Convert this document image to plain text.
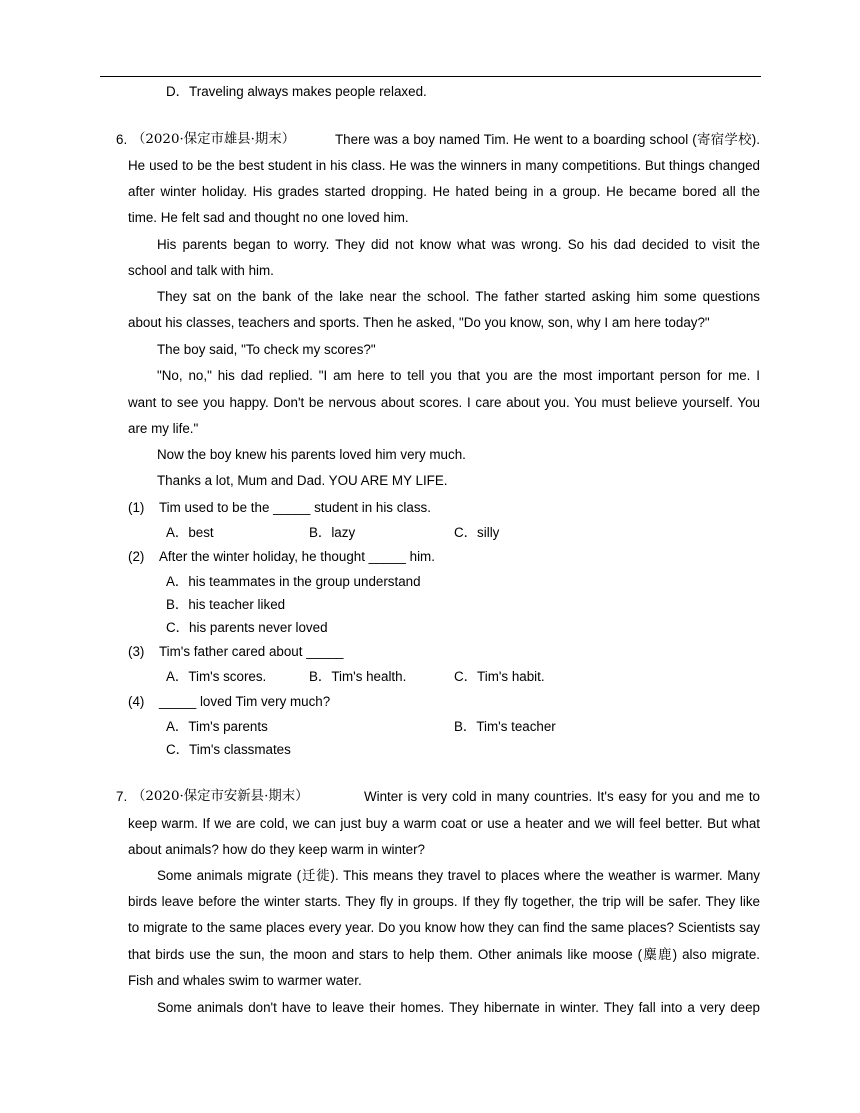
D．Traveling always makes people relaxed.
6. （2020·保定市雄县·期末）	There was a boy named Tim. He went to a boarding school (寄宿学校).
He used to be the best student in his class. He was the winners in many competitions. But things changed
after winter holiday. His grades started dropping. He hated being in a group. He became bored all the
time. He felt sad and thought no one loved him.
His parents began to worry. They did not know what was wrong. So his dad decided to visit the
school and talk with him.
They sat on the bank of the lake near the school. The father started asking him some questions
about his classes, teachers and sports. Then he asked, "Do you know, son, why I am here today?"
The boy said, "To check my scores?"
"No, no," his dad replied. "I am here to tell you that you are the most important person for me. I
want to see you happy. Don't be nervous about scores. I care about you. You must believe yourself. You
are my life."
Now the boy knew his parents loved him very much.
Thanks a lot, Mum and Dad. YOU ARE MY LIFE.
(1) Tim used to be the _____ student in his class.
A．best	B．lazy	C．silly
(2) After the winter holiday, he thought _____ him.
A．his teammates in the group understand
B．his teacher liked
C．his parents never loved
(3) Tim's father cared about _____
A．Tim's scores.	B．Tim's health.	C．Tim's habit.
(4) _____ loved Tim very much?
A．Tim's parents	B．Tim's teacher
C．Tim's classmates
7. （2020·保定市安新县·期末）	Winter is very cold in many countries. It's easy for you and me to
keep warm. If we are cold, we can just buy a warm coat or use a heater and we will feel better. But what
about animals? how do they keep warm in winter?
Some animals migrate (迁徙). This means they travel to places where the weather is warmer. Many
birds leave before the winter starts. They fly in groups. If they fly together, the trip will be safer. They like
to migrate to the same places every year. Do you know how they can find the same places? Scientists say
that birds use the sun, the moon and stars to help them. Other animals like moose (麋鹿) also migrate.
Fish and whales swim to warmer water.
Some animals don't have to leave their homes. They hibernate in winter. They fall into a very deep
